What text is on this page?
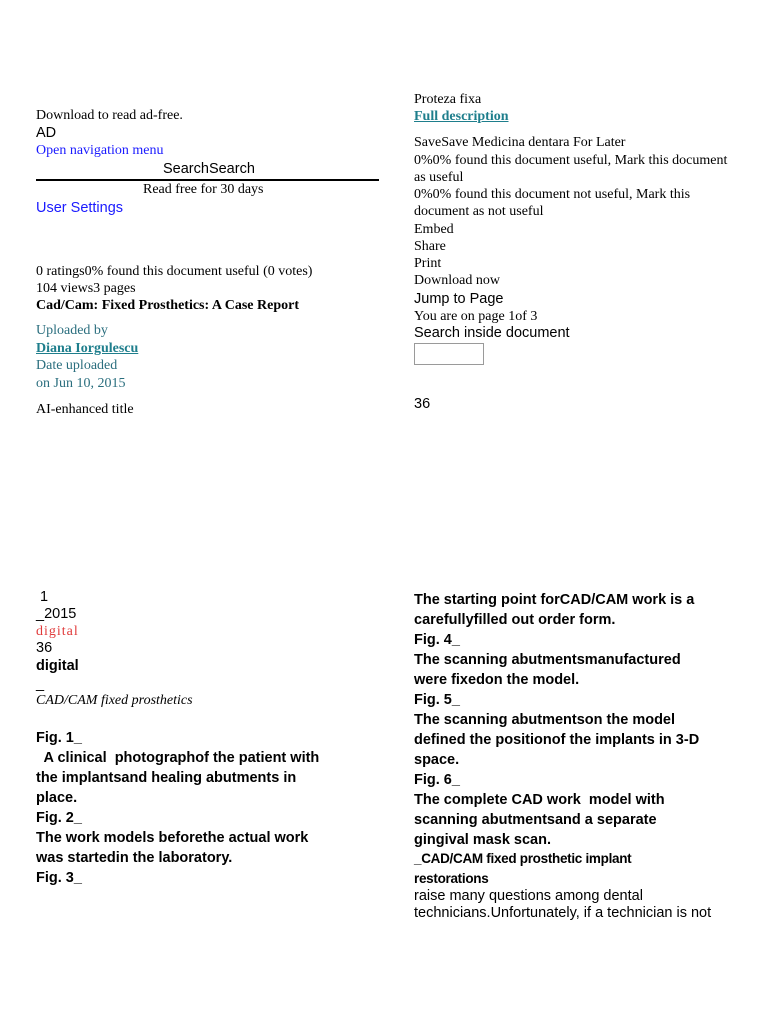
Download to read ad-free.
AD
Open navigation menu
SearchSearch
Read free for 30 days
User Settings
0 ratings0% found this document useful (0 votes)
104 views3 pages
Cad/Cam: Fixed Prosthetics: A Case Report
Uploaded by
Diana Iorgulescu
Date uploaded
on Jun 10, 2015
AI-enhanced title
Proteza fixa
Full description
SaveSave Medicina dentara For Later
0%0% found this document useful, Mark this document
as useful
0%0% found this document not useful, Mark this
document as not useful
Embed
Share
Print
Download now
Jump to Page
You are on page 1of 3
Search inside document
36
1
_2015
digital
36
digital
_
CAD/CAM fixed prosthetics
Fig. 1_
A clinical  photographof the patient with
the implantsand healing abutments in
place.
Fig. 2_
The work models beforethe actual work
was startedin the laboratory.
Fig. 3_
The starting point forCAD/CAM work is a
carefullyfilled out order form.
Fig. 4_
The scanning abutmentsmanufactured
were fixedon the model.
Fig. 5_
The scanning abutmentson the model
defined the positionof the implants in 3-D
space.
Fig. 6_
The complete CAD work  model with
scanning abutmentsand a separate
gingival mask scan.
_CAD/CAM fixed prosthetic implant
restorations
raise many questions among dental
technicians.Unfortunately, if a technician is not
